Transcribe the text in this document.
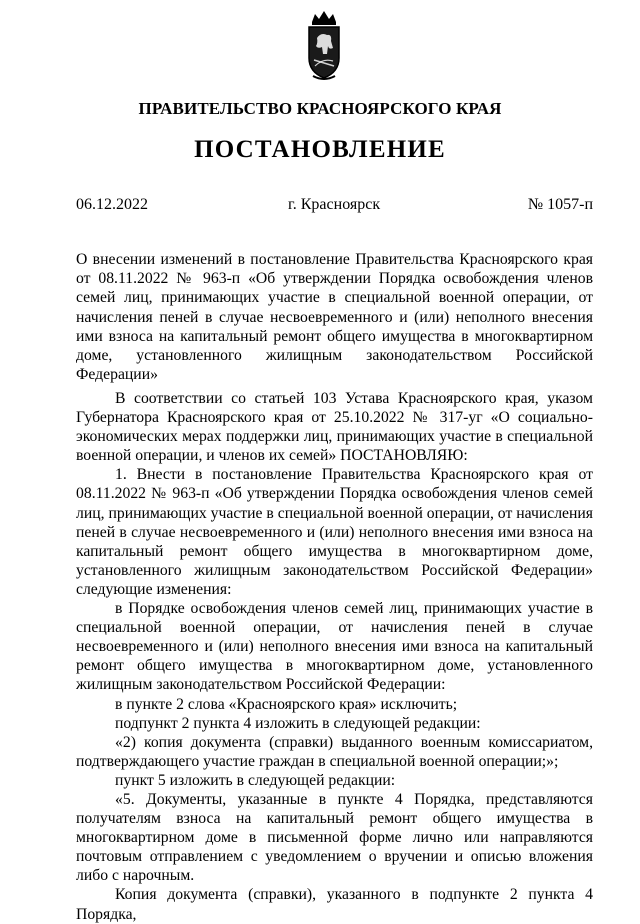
ПРАВИТЕЛЬСТВО КРАСНОЯРСКОГО КРАЯ
ПОСТАНОВЛЕНИЕ
06.12.2022	г. Красноярск	№ 1057-п
О внесении изменений в постановление Правительства Красноярского края от 08.11.2022 № 963-п «Об утверждении Порядка освобождения членов семей лиц, принимающих участие в специальной военной операции, от начисления пеней в случае несвоевременного и (или) неполного внесения ими взноса на капитальный ремонт общего имущества в многоквартирном доме, установленного жилищным законодательством Российской Федерации»

В соответствии со статьей 103 Устава Красноярского края, указом Губернатора Красноярского края от 25.10.2022 № 317-уг «О социально-экономических мерах поддержки лиц, принимающих участие в специальной военной операции, и членов их семей» ПОСТАНОВЛЯЮ:

1. Внести в постановление Правительства Красноярского края от 08.11.2022 № 963-п «Об утверждении Порядка освобождения членов семей лиц, принимающих участие в специальной военной операции, от начисления пеней в случае несвоевременного и (или) неполного внесения ими взноса на капитальный ремонт общего имущества в многоквартирном доме, установленного жилищным законодательством Российской Федерации» следующие изменения:

в Порядке освобождения членов семей лиц, принимающих участие в специальной военной операции, от начисления пеней в случае несвоевременного и (или) неполного внесения ими взноса на капитальный ремонт общего имущества в многоквартирном доме, установленного жилищным законодательством Российской Федерации:

в пункте 2 слова «Красноярского края» исключить;

подпункт 2 пункта 4 изложить в следующей редакции:

«2) копия документа (справки) выданного военным комиссариатом, подтверждающего участие граждан в специальной военной операции;»;

пункт 5 изложить в следующей редакции:

«5. Документы, указанные в пункте 4 Порядка, представляются получателям взноса на капитальный ремонт общего имущества в многоквартирном доме в письменной форме лично или направляются почтовым отправлением с уведомлением о вручении и описью вложения либо с нарочным.

Копия документа (справки), указанного в подпункте 2 пункта 4 Порядка,
